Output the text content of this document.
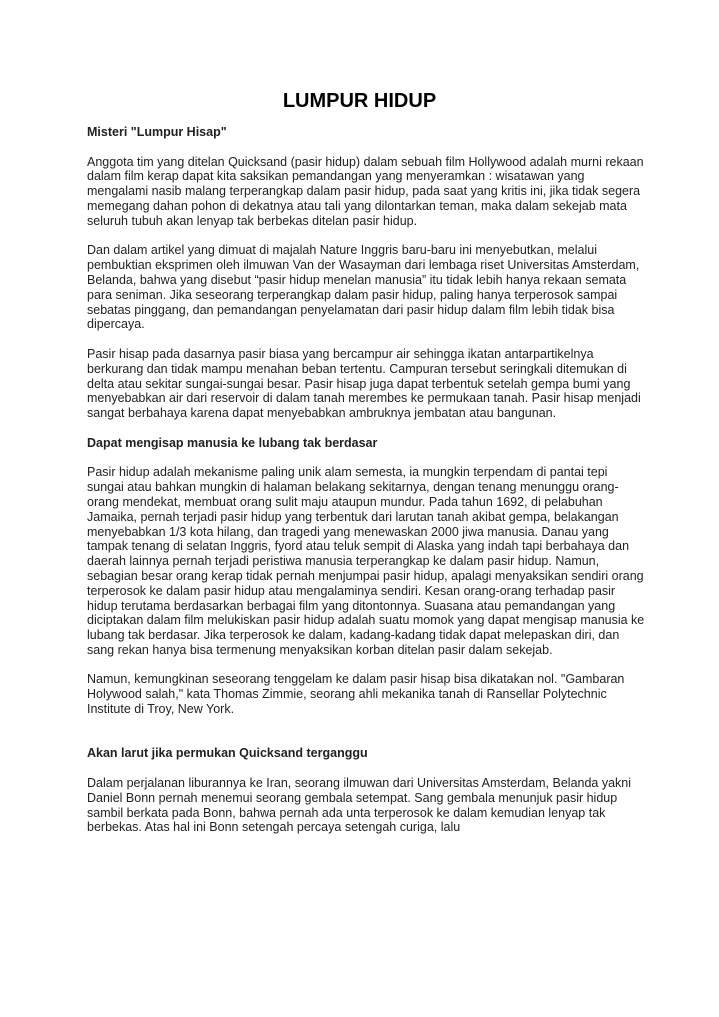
LUMPUR HIDUP
Misteri "Lumpur Hisap"
Anggota tim yang ditelan Quicksand (pasir hidup) dalam sebuah film Hollywood adalah murni rekaan dalam film kerap dapat kita saksikan pemandangan yang menyeramkan : wisatawan yang mengalami nasib malang terperangkap dalam pasir hidup, pada saat yang kritis ini, jika tidak segera memegang dahan pohon di dekatnya atau tali yang dilontarkan teman, maka dalam sekejab mata seluruh tubuh akan lenyap tak berbekas ditelan pasir hidup.
Dan dalam artikel yang dimuat di majalah Nature Inggris baru-baru ini menyebutkan, melalui pembuktian eksprimen oleh ilmuwan Van der Wasayman dari lembaga riset Universitas Amsterdam, Belanda, bahwa yang disebut “pasir hidup menelan manusia” itu tidak lebih hanya rekaan semata para seniman. Jika seseorang terperangkap dalam pasir hidup, paling hanya terperosok sampai sebatas pinggang, dan pemandangan penyelamatan dari pasir hidup dalam film lebih tidak bisa dipercaya.
Pasir hisap pada dasarnya pasir biasa yang bercampur air sehingga ikatan antarpartikelnya berkurang dan tidak mampu menahan beban tertentu. Campuran tersebut seringkali ditemukan di delta atau sekitar sungai-sungai besar. Pasir hisap juga dapat terbentuk setelah gempa bumi yang menyebabkan air dari reservoir di dalam tanah merembes ke permukaan tanah. Pasir hisap menjadi sangat berbahaya karena dapat menyebabkan ambruknya jembatan atau bangunan.
Dapat mengisap manusia ke lubang tak berdasar
Pasir hidup adalah mekanisme paling unik alam semesta, ia mungkin terpendam di pantai tepi sungai atau bahkan mungkin di halaman belakang sekitarnya, dengan tenang menunggu orang-orang mendekat, membuat orang sulit maju ataupun mundur. Pada tahun 1692, di pelabuhan Jamaika, pernah terjadi pasir hidup yang terbentuk dari larutan tanah akibat gempa, belakangan menyebabkan 1/3 kota hilang, dan tragedi yang menewaskan 2000 jiwa manusia. Danau yang tampak tenang di selatan Inggris, fyord atau teluk sempit di Alaska yang indah tapi berbahaya dan daerah lainnya pernah terjadi peristiwa manusia terperangkap ke dalam pasir hidup. Namun, sebagian besar orang kerap tidak pernah menjumpai pasir hidup, apalagi menyaksikan sendiri orang terperosok ke dalam pasir hidup atau mengalaminya sendiri. Kesan orang-orang terhadap pasir hidup terutama berdasarkan berbagai film yang ditontonnya. Suasana atau pemandangan yang diciptakan dalam film melukiskan pasir hidup adalah suatu momok yang dapat mengisap manusia ke lubang tak berdasar. Jika terperosok ke dalam, kadang-kadang tidak dapat melepaskan diri, dan sang rekan hanya bisa termenung menyaksikan korban ditelan pasir dalam sekejab.
Namun, kemungkinan seseorang tenggelam ke dalam pasir hisap bisa dikatakan nol. "Gambaran Holywood salah," kata Thomas Zimmie, seorang ahli mekanika tanah di Ransellar Polytechnic Institute di Troy, New York.
Akan larut jika permukan Quicksand terganggu
Dalam perjalanan liburannya ke Iran, seorang ilmuwan dari Universitas Amsterdam, Belanda yakni Daniel Bonn pernah menemui seorang gembala setempat. Sang gembala menunjuk pasir hidup sambil berkata pada Bonn, bahwa pernah ada unta terperosok ke dalam kemudian lenyap tak berbekas. Atas hal ini Bonn setengah percaya setengah curiga, lalu
